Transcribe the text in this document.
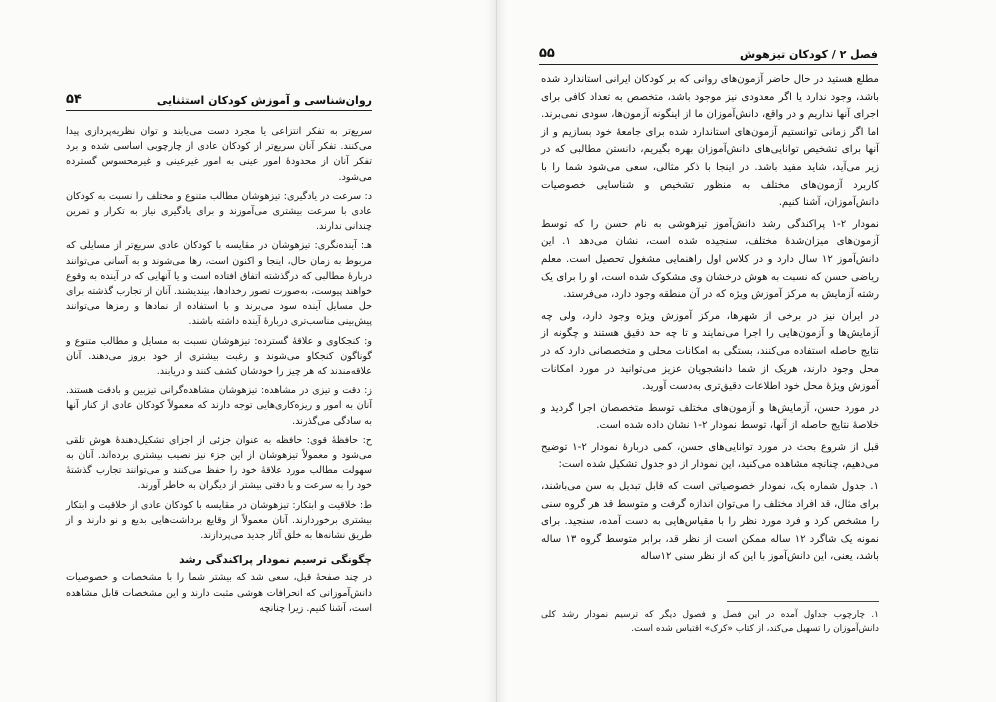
روان‌شناسی و آموزش کودکان استثنایی
۵۴

سریع‌تر به تفکر انتزاعی یا مجرد دست می‌یابند و توان نظریه‌پردازی پیدا می‌کنند. تفکر آنان سریع‌تر از کودکان عادی از چارچوبی اساسی شده و برد تفکر آنان از محدودهٔ امور عینی به امور غیرعینی و غیرمحسوس گسترده می‌شود.

د: سرعت در یادگیری: تیزهوشان مطالب متنوع و مختلف را نسبت به کودکان عادی با سرعت بیشتری می‌آموزند و برای یادگیری نیاز به تکرار و تمرین چندانی ندارند.

هـ: آینده‌نگری: تیزهوشان در مقایسه با کودکان عادی سریع‌تر از مسایلی که مربوط به زمان حال، اینجا و اکنون است، رها می‌شوند و به آسانی می‌توانند دربارهٔ مطالبی که درگذشته اتفاق افتاده است و یا آنهایی که در آینده به وقوع خواهند پیوست، به‌صورت تصور رخدادها، بیندیشند. آنان از تجارب گذشته برای حل مسایل آینده سود می‌برند و با استفاده از نمادها و رمزها می‌توانند پیش‌بینی مناسب‌تری دربارهٔ آینده داشته باشند.

و: کنجکاوی و علاقهٔ گسترده: تیزهوشان نسبت به مسایل و مطالب متنوع و گوناگون کنجکاو می‌شوند و رغبت بیشتری از خود بروز می‌دهند. آنان علاقه‌مندند که هر چیز را خودشان کشف کنند و دریابند.

ز: دقت و تیزی در مشاهده: تیزهوشان مشاهده‌گرانی تیزبین و بادقت هستند. آنان به امور و ریزه‌کاری‌هایی توجه دارند که معمولاً کودکان عادی از کنار آنها به سادگی می‌گذرند.

ح: حافظهٔ قوی: حافظه به عنوان جزئی از اجزای تشکیل‌دهندهٔ هوش تلقی می‌شود و معمولاً تیزهوشان از این جزء نیز نصیب بیشتری برده‌اند. آنان به سهولت مطالب مورد علاقهٔ خود را حفظ می‌کنند و می‌توانند تجارب گذشتهٔ خود را به سرعت و با دقتی بیشتر از دیگران به خاطر آورند.

ط: خلاقیت و ابتکار: تیزهوشان در مقایسه با کودکان عادی از خلاقیت و ابتکار بیشتری برخوردارند. آنان معمولاً از وقایع برداشت‌هایی بدیع و نو دارند و از طریق نشانه‌ها به خلق آثار جدید می‌پردازند.

چگونگی ترسیم نمودار پراکندگی رشد

در چند صفحهٔ قبل، سعی شد که بیشتر شما را با مشخصات و خصوصیات دانش‌آموزانی که انحرافات هوشی مثبت دارند و این مشخصات قابل مشاهده است، آشنا کنیم. زیرا چنانچه

فصل ۲ / کودکان تیزهوش
۵۵

مطلع هستید در حال حاضر آزمون‌های روانی که بر کودکان ایرانی استاندارد شده باشد، وجود ندارد یا اگر معدودی نیز موجود باشد، متخصص به تعداد کافی برای اجرای آنها نداریم و در واقع، دانش‌آموزان ما از اینگونه آزمون‌ها، سودی نمی‌برند. اما اگر زمانی توانستیم آزمون‌های استاندارد شده برای جامعهٔ خود بسازیم و از آنها برای تشخیص توانایی‌های دانش‌آموزان بهره بگیریم، دانستن مطالبی که در زیر می‌آید، شاید مفید باشد. در اینجا با ذکر مثالی، سعی می‌شود شما را با کاربرد آزمون‌های مختلف به منظور تشخیص و شناسایی خصوصیات دانش‌آموزان، آشنا کنیم.

نمودار ۲-۱ پراکندگی رشد دانش‌آموز تیزهوشی به نام حسن را که توسط آزمون‌های میزان‌شدهٔ مختلف، سنجیده شده است، نشان می‌دهد ۱. این دانش‌آموز ۱۲ سال دارد و در کلاس اول راهنمایی مشغول تحصیل است. معلم ریاضی حسن که نسبت به هوش درخشان وی مشکوک شده است، او را برای یک رشته آزمایش به مرکز آموزش ویژه که در آن منطقه وجود دارد، می‌فرستد.

در ایران نیز در برخی از شهرها، مرکز آموزش ویژه وجود دارد، ولی چه آزمایش‌ها و آزمون‌هایی را اجرا می‌نمایند و تا چه حد دقیق هستند و چگونه از نتایج حاصله استفاده می‌کنند، بستگی به امکانات محلی و متخصصانی دارد که در محل وجود دارند، هریک از شما دانشجویان عزیز می‌توانید در مورد امکانات آموزش ویژهٔ محل خود اطلاعات دقیق‌تری به‌دست آورید.

در مورد حسن، آزمایش‌ها و آزمون‌های مختلف توسط متخصصان اجرا گردید و خلاصهٔ نتایج حاصله از آنها، توسط نمودار ۲-۱ نشان داده شده است.

قبل از شروع بحث در مورد توانایی‌های حسن، کمی دربارهٔ نمودار ۲-۱ توضیح می‌دهیم، چنانچه مشاهده می‌کنید، این نمودار از دو جدول تشکیل شده است:

۱. جدول شماره یک، نمودار خصوصیاتی است که قابل تبدیل به سن می‌باشند، برای مثال، قد افراد مختلف را می‌توان اندازه گرفت و متوسط قد هر گروه سنی را مشخص کرد و فرد مورد نظر را با مقیاس‌هایی به دست آمده، سنجید. برای نمونه یک شاگرد ۱۲ ساله ممکن است از نظر قد، برابر متوسط گروه ۱۳ ساله باشد، یعنی، این دانش‌آموز با این که از نظر سنی ۱۲ساله

۱. چارچوب جداول آمده در این فصل و فصول دیگر که ترسیم نمودار رشد کلی دانش‌آموزان را تسهیل می‌کند، از کتاب «کرک» اقتباس شده است.
